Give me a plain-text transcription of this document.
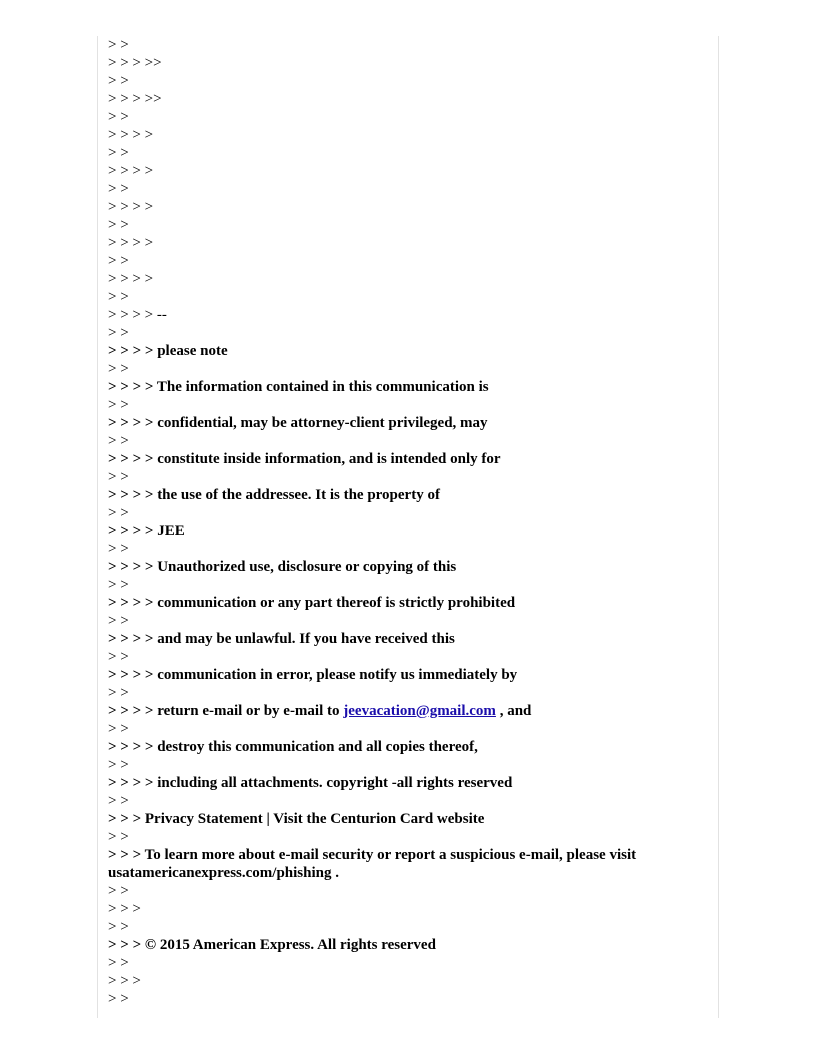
> >
> > > >>
> >
> > > >>
> >
> > > >
> >
> > > >
> >
> > > >
> >
> > > >
> >
> > > >
> >
> > > > --
> >
> > > > please note
> >
> > > > The information contained in this communication is
> >
> > > > confidential, may be attorney-client privileged, may
> >
> > > > constitute inside information, and is intended only for
> >
> > > > the use of the addressee. It is the property of
> >
> > > > JEE
> >
> > > > Unauthorized use, disclosure or copying of this
> >
> > > > communication or any part thereof is strictly prohibited
> >
> > > > and may be unlawful. If you have received this
> >
> > > > communication in error, please notify us immediately by
> >
> > > > return e-mail or by e-mail to jeevacation@gmail.com , and
> >
> > > > destroy this communication and all copies thereof,
> >
> > > > including all attachments. copyright -all rights reserved
> >
> > > Privacy Statement | Visit the Centurion Card website
> >
> > > To learn more about e-mail security or report a suspicious e-mail, please visit usatamericanexpress.com/phishing .
> >
> > >
> >
> > > © 2015 American Express. All rights reserved
> >
> > >
> >
